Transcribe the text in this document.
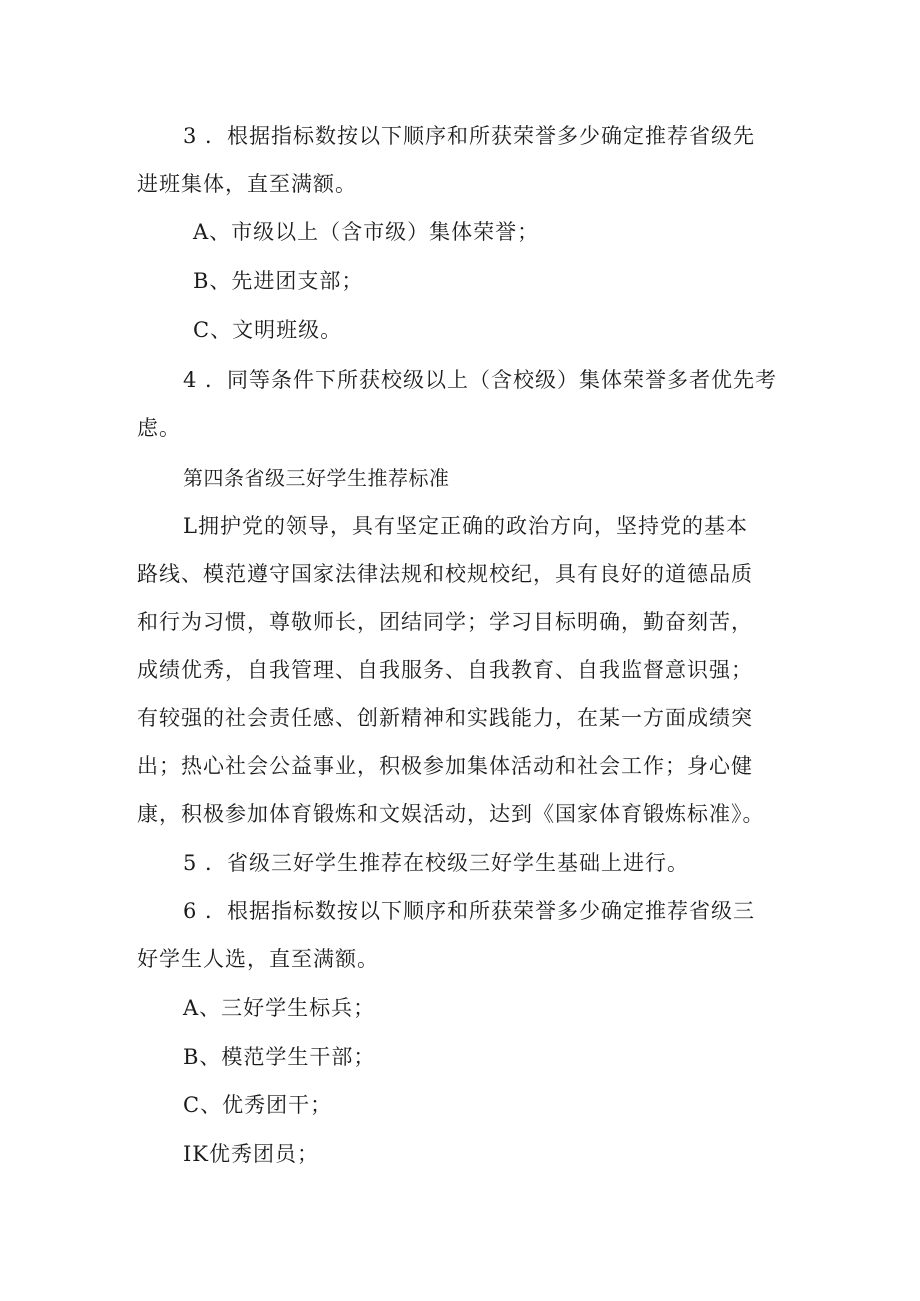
3 ．根据指标数按以下顺序和所获荣誉多少确定推荐省级先
进班集体，直至满额。

A、市级以上（含市级）集体荣誉；

B、先进团支部；

C、文明班级。

4 ．同等条件下所获校级以上（含校级）集体荣誉多者优先考
虑。

第四条省级三好学生推荐标准

L拥护党的领导，具有坚定正确的政治方向，坚持党的基本
路线、模范遵守国家法律法规和校规校纪，具有良好的道德品质
和行为习惯，尊敬师长，团结同学；学习目标明确，勤奋刻苦，
成绩优秀，自我管理、自我服务、自我教育、自我监督意识强；
有较强的社会责任感、创新精神和实践能力，在某一方面成绩突
出；热心社会公益事业，积极参加集体活动和社会工作；身心健
康，积极参加体育锻炼和文娱活动，达到《国家体育锻炼标准》。

5 ．省级三好学生推荐在校级三好学生基础上进行。

6 ．根据指标数按以下顺序和所获荣誉多少确定推荐省级三
好学生人选，直至满额。

A、三好学生标兵；

B、模范学生干部；

C、优秀团干；

IK优秀团员；
